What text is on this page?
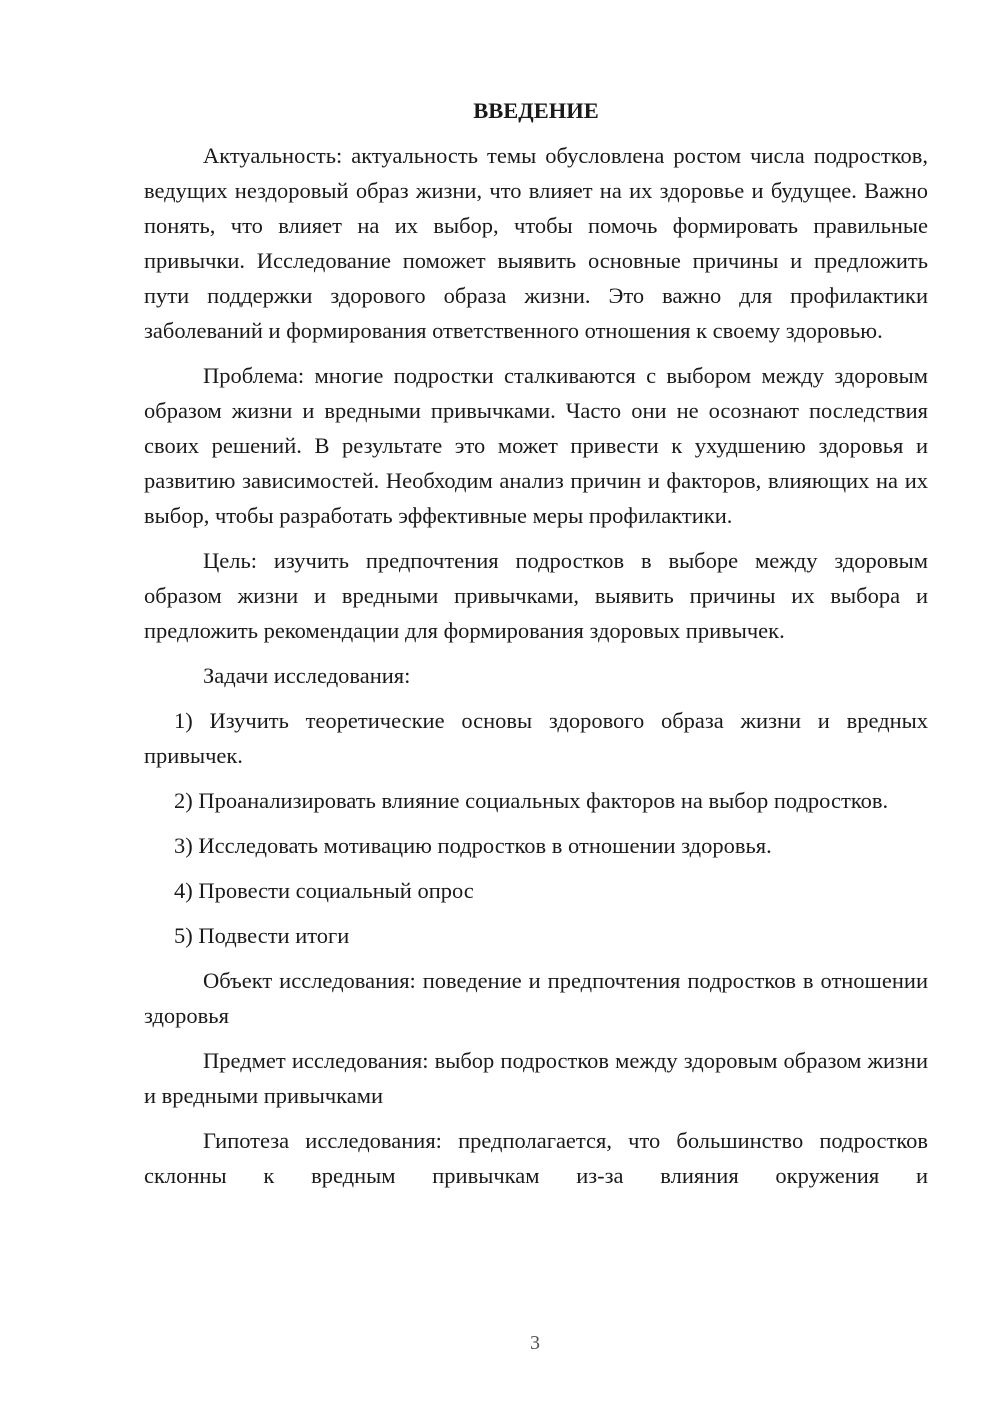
ВВЕДЕНИЕ

Актуальность: актуальность темы обусловлена ростом числа подростков, ведущих нездоровый образ жизни, что влияет на их здоровье и будущее. Важно понять, что влияет на их выбор, чтобы помочь формировать правильные привычки. Исследование поможет выявить основные причины и предложить пути поддержки здорового образа жизни. Это важно для профилактики заболеваний и формирования ответственного отношения к своему здоровью.

Проблема: многие подростки сталкиваются с выбором между здоровым образом жизни и вредными привычками. Часто они не осознают последствия своих решений. В результате это может привести к ухудшению здоровья и развитию зависимостей. Необходим анализ причин и факторов, влияющих на их выбор, чтобы разработать эффективные меры профилактики.

Цель: изучить предпочтения подростков в выборе между здоровым образом жизни и вредными привычками, выявить причины их выбора и предложить рекомендации для формирования здоровых привычек.

Задачи исследования:

1) Изучить теоретические основы здорового образа жизни и вредных привычек.

2) Проанализировать влияние социальных факторов на выбор подростков.

3) Исследовать мотивацию подростков в отношении здоровья.

4) Провести социальный опрос

5) Подвести итоги

Объект исследования: поведение и предпочтения подростков в отношении здоровья

Предмет исследования: выбор подростков между здоровым образом жизни и вредными привычками

Гипотеза исследования: предполагается, что большинство подростков склонны к вредным привычкам из-за влияния окружения и

3
